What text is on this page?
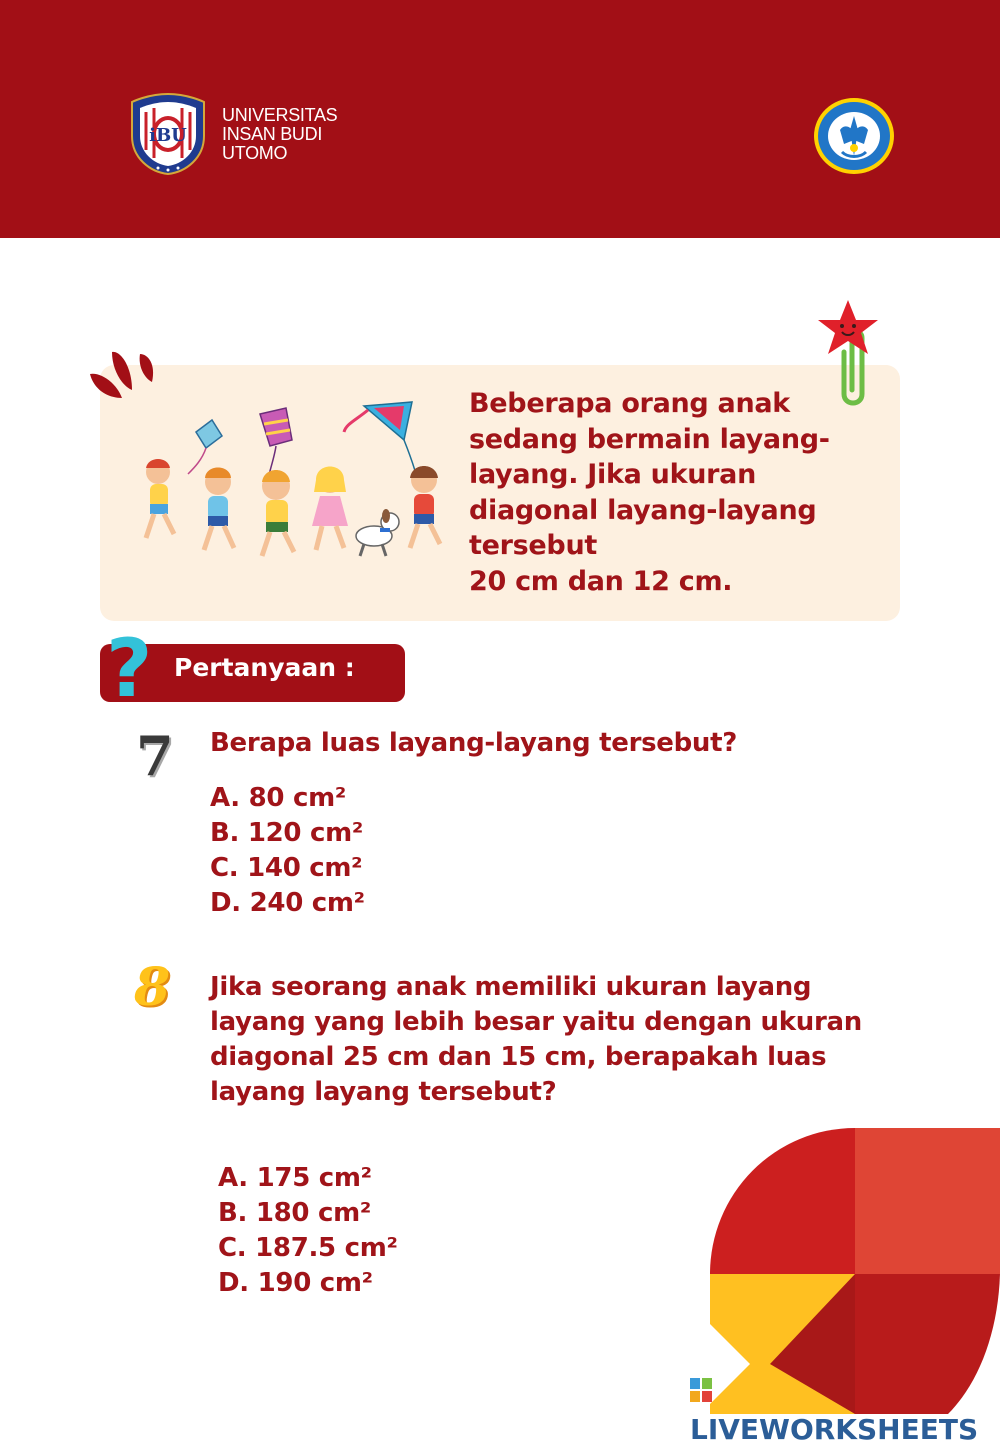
iBU
UNIVERSITAS
INSAN BUDI
UTOMO
Beberapa orang anak
sedang bermain layang-
layang. Jika ukuran
diagonal layang-layang
tersebut
20 cm dan 12 cm.
? Pertanyaan :
7	Berapa luas layang-layang tersebut?
A. 80 cm²
B. 120 cm²
C. 140 cm²
D. 240 cm²
8	Jika seorang anak memiliki ukuran layang
layang yang lebih besar yaitu dengan ukuran
diagonal 25 cm dan 15 cm, berapakah luas
layang layang tersebut?
A. 175 cm²
B. 180 cm²
C. 187.5 cm²
D. 190 cm²
LIVEWORKSHEETS
